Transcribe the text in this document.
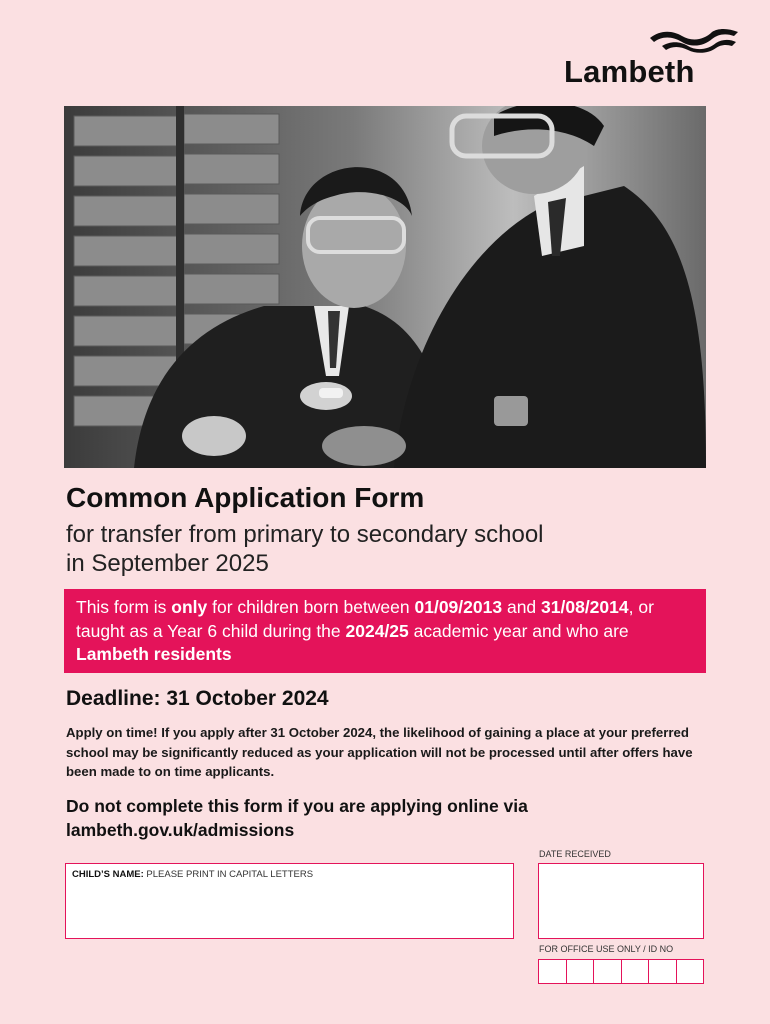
Lambeth
Common Application Form

for transfer from primary to secondary school
in September 2025

This form is only for children born between 01/09/2013 and 31/08/2014, or taught as a Year 6 child during the 2024/25 academic year and who are Lambeth residents
Deadline: 31 October 2024

Apply on time! If you apply after 31 October 2024, the likelihood of gaining a place at your preferred school may be significantly reduced as your application will not be processed until after offers have been made to on time applicants.

Do not complete this form if you are applying online via lambeth.gov.uk/admissions

CHILD’S NAME: PLEASE PRINT IN CAPITAL LETTERS
DATE RECEIVED
FOR OFFICE USE ONLY / ID NO
